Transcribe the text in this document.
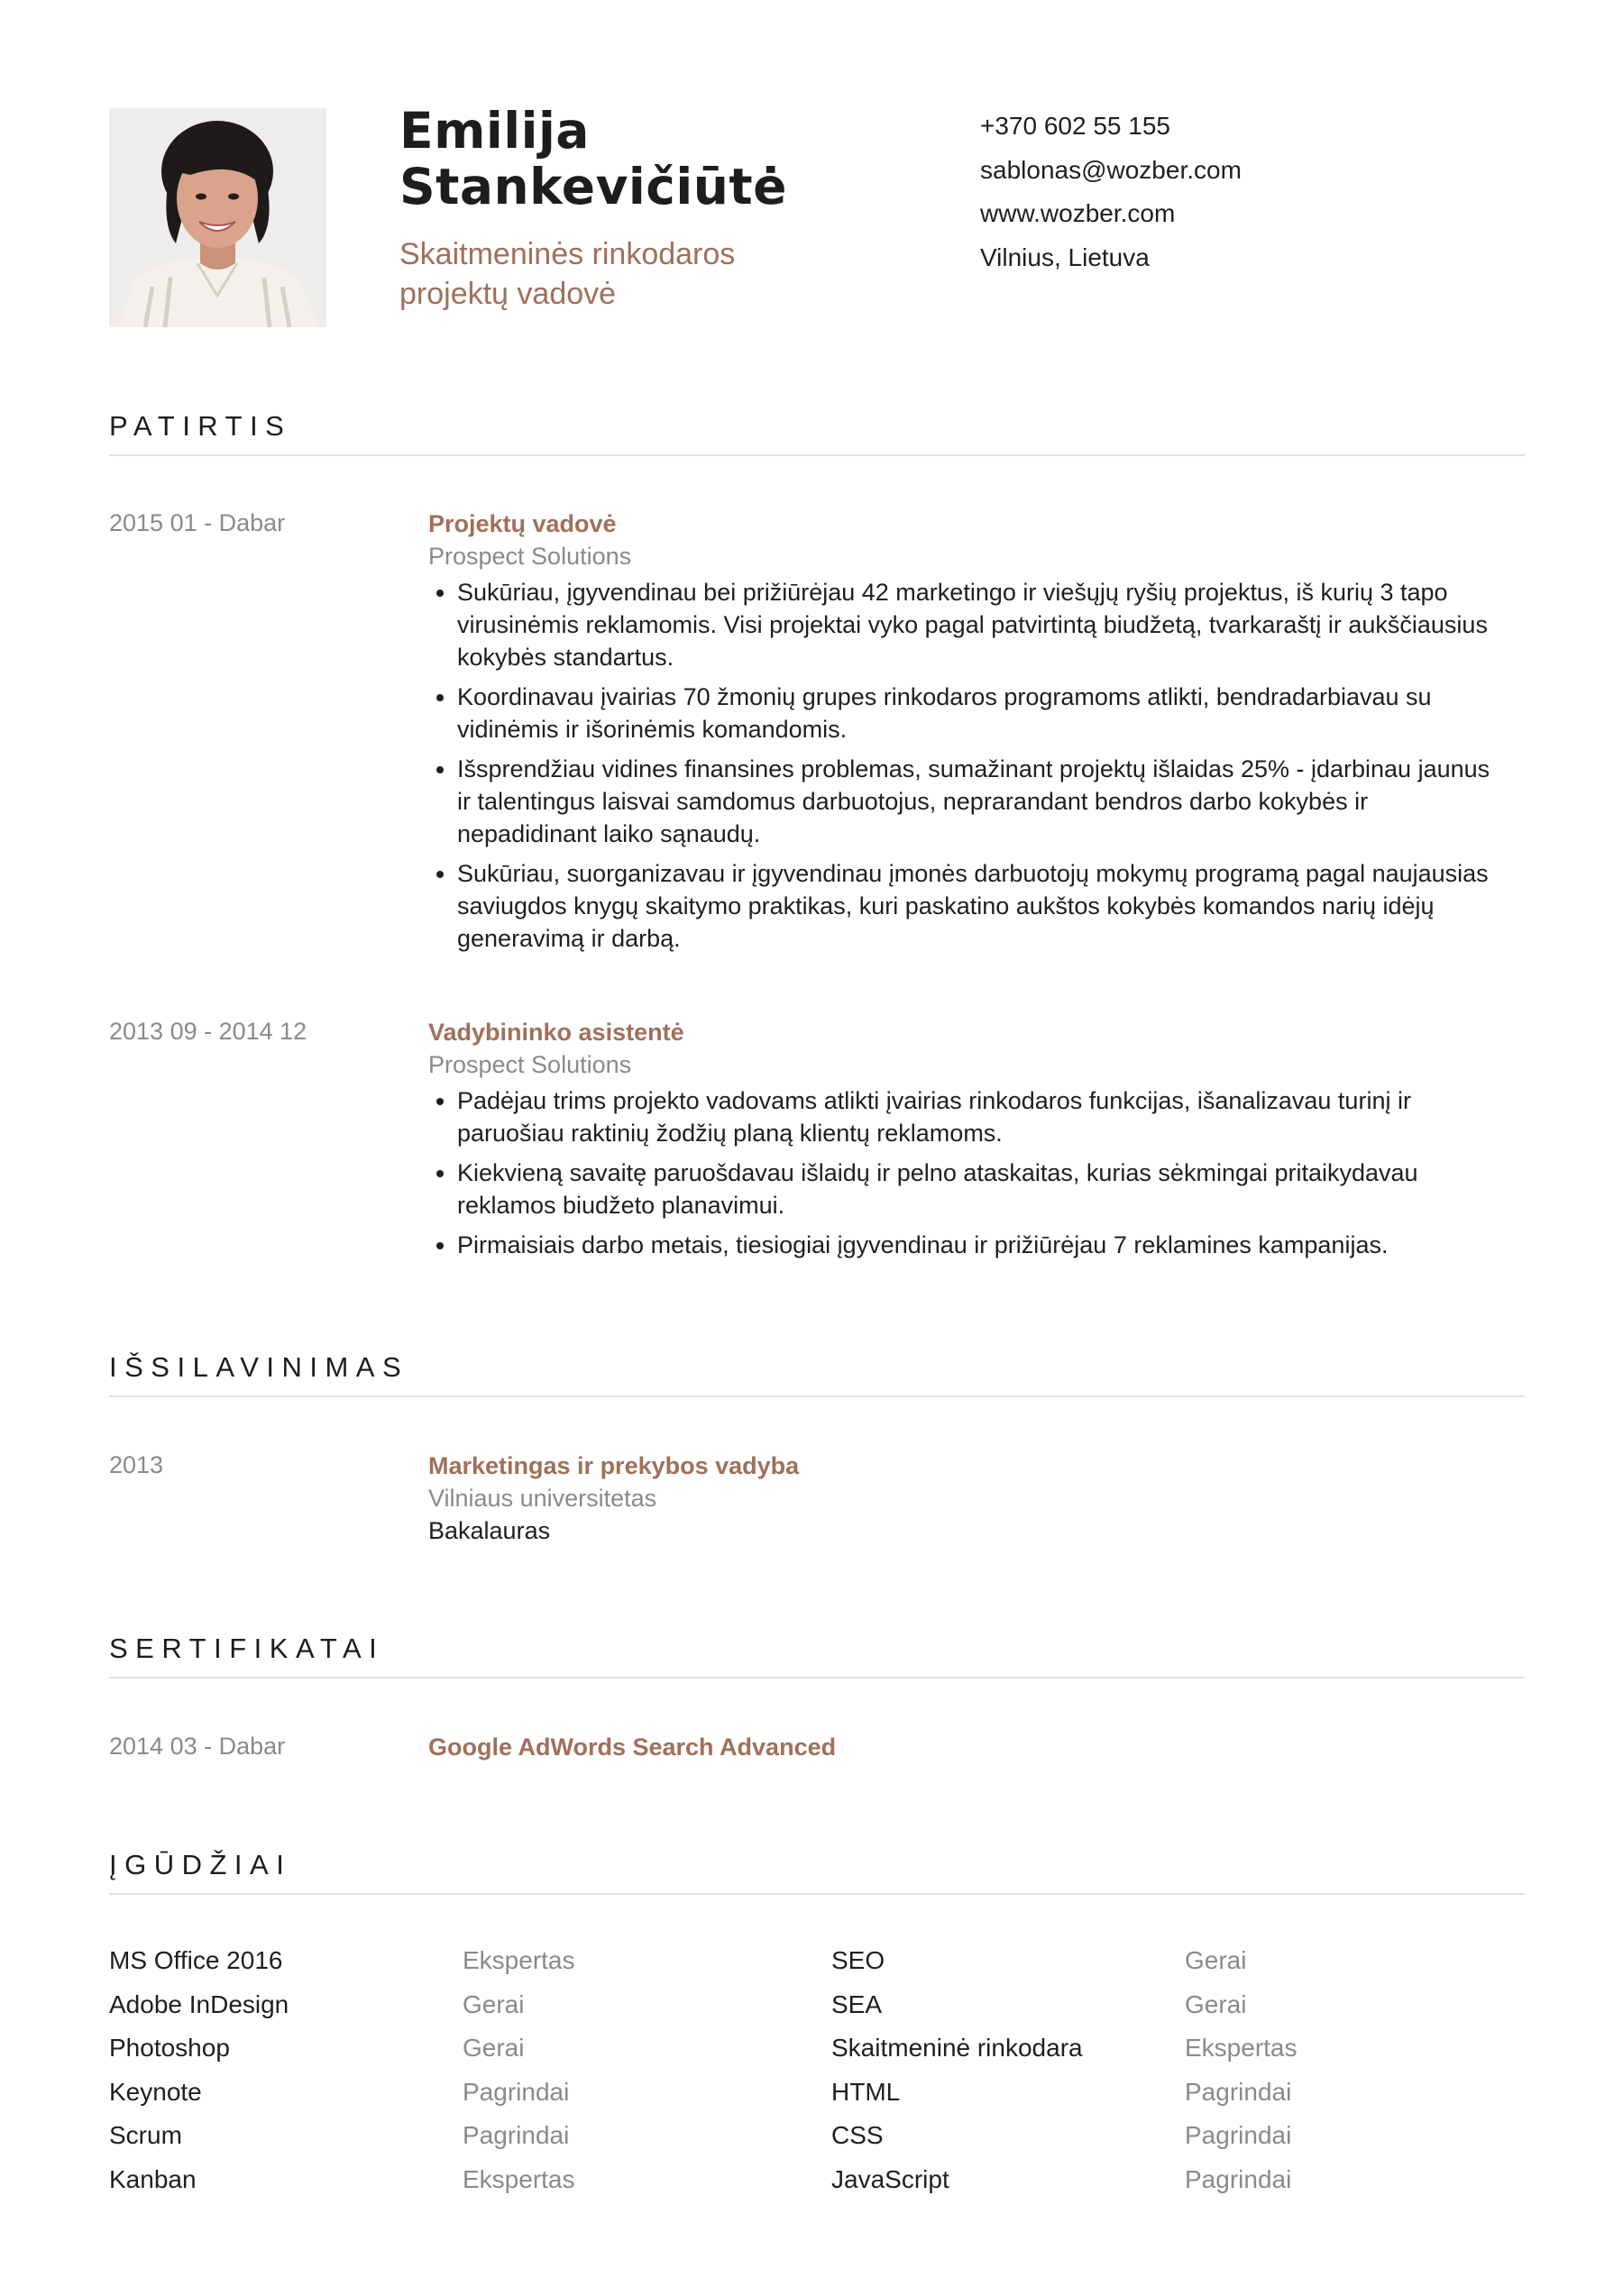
Emilija
Stankevičiūtė
Skaitmeninės rinkodaros
projektų vadovė
+370 602 55 155
sablonas@wozber.com
www.wozber.com
Vilnius, Lietuva
PATIRTIS
2015 01 - Dabar	Projektų vadovė
Prospect Solutions
• Sukūriau, įgyvendinau bei prižiūrėjau 42 marketingo ir viešųjų ryšių projektus, iš kurių 3 tapo virusinėmis reklamomis. Visi projektai vyko pagal patvirtintą biudžetą, tvarkaraštį ir aukščiausius kokybės standartus.
• Koordinavau įvairias 70 žmonių grupes rinkodaros programoms atlikti, bendradarbiavau su vidinėmis ir išorinėmis komandomis.
• Išsprendžiau vidines finansines problemas, sumažinant projektų išlaidas 25% - įdarbinau jaunus ir talentingus laisvai samdomus darbuotojus, neprarandant bendros darbo kokybės ir nepadidinant laiko sąnaudų.
• Sukūriau, suorganizavau ir įgyvendinau įmonės darbuotojų mokymų programą pagal naujausias saviugdos knygų skaitymo praktikas, kuri paskatino aukštos kokybės komandos narių idėjų generavimą ir darbą.
2013 09 - 2014 12	Vadybininko asistentė
Prospect Solutions
• Padėjau trims projekto vadovams atlikti įvairias rinkodaros funkcijas, išanalizavau turinį ir paruošiau raktinių žodžių planą klientų reklamoms.
• Kiekvieną savaitę paruošdavau išlaidų ir pelno ataskaitas, kurias sėkmingai pritaikydavau reklamos biudžeto planavimui.
• Pirmaisiais darbo metais, tiesiogiai įgyvendinau ir prižiūrėjau 7 reklamines kampanijas.
IŠSILAVINIMAS
2013	Marketingas ir prekybos vadyba
Vilniaus universitetas
Bakalauras
SERTIFIKATAI
2014 03 - Dabar	Google AdWords Search Advanced
ĮGŪDŽIAI
MS Office 2016	Ekspertas
Adobe InDesign	Gerai
Photoshop	Gerai
Keynote	Pagrindai
Scrum	Pagrindai
Kanban	Ekspertas
SEO	Gerai
SEA	Gerai
Skaitmeninė rinkodara	Ekspertas
HTML	Pagrindai
CSS	Pagrindai
JavaScript	Pagrindai
